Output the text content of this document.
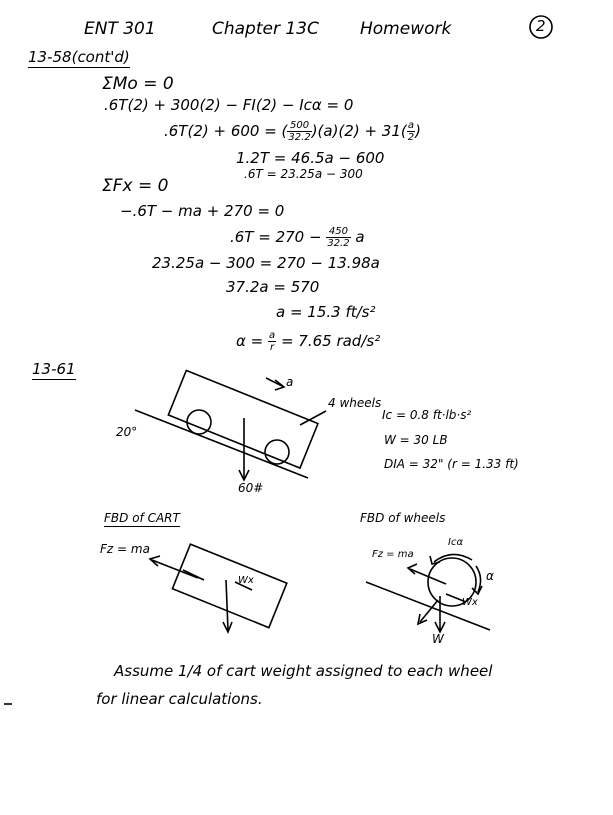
ENT 301	Chapter 13C Homework	2
13-58(cont'd)
ΣMo = 0
.6T(2) + 300(2) − FI(2) − Icα = 0
.6T(2) + 600 = ( $\frac{500}{32.2} )(a)(2) + 31( \frac{a}{2}$ )
1.2T = 46.5a − 600
.6T = 23.25a − 300
ΣFx = 0
−.6T − ma + 270 = 0
$.6T = 270 - \frac{450}{32.2}$ a
23.25a − 300 = 270 − 13.98a
37.2a = 570
a = 15.3 ft/s²
$\alpha = \frac{a}{r} = 7.65$ rad/s²
13-61
20°
a
4 wheels
60#
Ic = 0.8 ft·lb·s²
W = 30 LB
DIA = 32" (r = 1.33 ft)
FBD of CART
Fz = ma
Wx
FBD of wheels
Fz = ma
Icα
α
Wx
W
Assume 1/4 of cart weight assigned to each wheel
for linear calculations.
